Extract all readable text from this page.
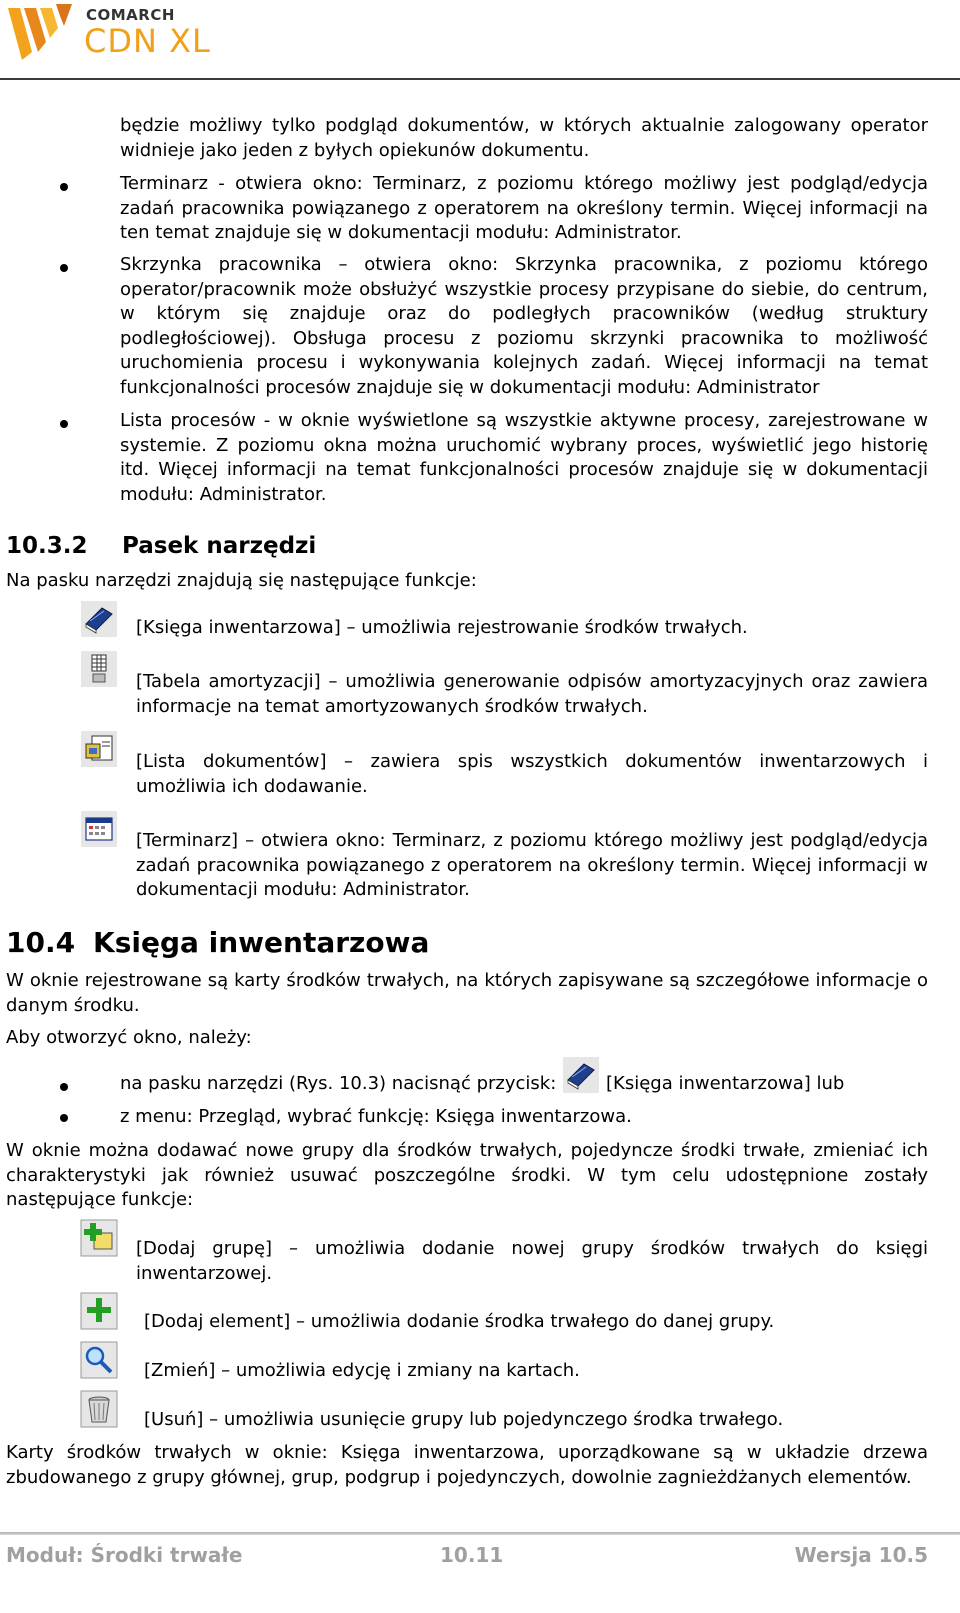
COMARCH
CDN XL

będzie możliwy tylko podgląd dokumentów, w których aktualnie zalogowany operator widnieje jako jeden z byłych opiekunów dokumentu.

Terminarz - otwiera okno: Terminarz, z poziomu którego możliwy jest podgląd/edycja zadań pracownika powiązanego z operatorem na określony termin. Więcej informacji na ten temat znajduje się w dokumentacji modułu: Administrator.

Skrzynka pracownika – otwiera okno: Skrzynka pracownika, z poziomu którego operator/pracownik może obsłużyć wszystkie procesy przypisane do siebie, do centrum, w którym się znajduje oraz do podległych pracowników (według struktury podległościowej). Obsługa procesu z poziomu skrzynki pracownika to możliwość uruchomienia procesu i wykonywania kolejnych zadań. Więcej informacji na temat funkcjonalności procesów znajduje się w dokumentacji modułu: Administrator

Lista procesów - w oknie wyświetlone są wszystkie aktywne procesy, zarejestrowane w systemie. Z poziomu okna można uruchomić wybrany proces, wyświetlić jego historię itd. Więcej informacji na temat funkcjonalności procesów znajduje się w dokumentacji modułu: Administrator.

10.3.2 Pasek narzędzi

Na pasku narzędzi znajdują się następujące funkcje:

[Księga inwentarzowa] – umożliwia rejestrowanie środków trwałych.

[Tabela amortyzacji] – umożliwia generowanie odpisów amortyzacyjnych oraz zawiera informacje na temat amortyzowanych środków trwałych.

[Lista dokumentów] – zawiera spis wszystkich dokumentów inwentarzowych i umożliwia ich dodawanie.

[Terminarz] – otwiera okno: Terminarz, z poziomu którego możliwy jest podgląd/edycja zadań pracownika powiązanego z operatorem na określony termin. Więcej informacji w dokumentacji modułu: Administrator.

10.4 Księga inwentarzowa

W oknie rejestrowane są karty środków trwałych, na których zapisywane są szczegółowe informacje o danym środku.

Aby otworzyć okno, należy:

na pasku narzędzi (Rys. 10.3) nacisnąć przycisk:	[Księga inwentarzowa] lub

z menu: Przegląd, wybrać funkcję: Księga inwentarzowa.

W oknie można dodawać nowe grupy dla środków trwałych, pojedyncze środki trwałe, zmieniać ich charakterystyki jak również usuwać poszczególne środki. W tym celu udostępnione zostały następujące funkcje:

[Dodaj grupę] – umożliwia dodanie nowej grupy środków trwałych do księgi inwentarzowej.

[Dodaj element] – umożliwia dodanie środka trwałego do danej grupy.

[Zmień] – umożliwia edycję i zmiany na kartach.

[Usuń] – umożliwia usunięcie grupy lub pojedynczego środka trwałego.

Karty środków trwałych w oknie: Księga inwentarzowa, uporządkowane są w układzie drzewa zbudowanego z grupy głównej, grup, podgrup i pojedynczych, dowolnie zagnieżdżanych elementów.

Moduł: Środki trwałe	10.11	Wersja 10.5
